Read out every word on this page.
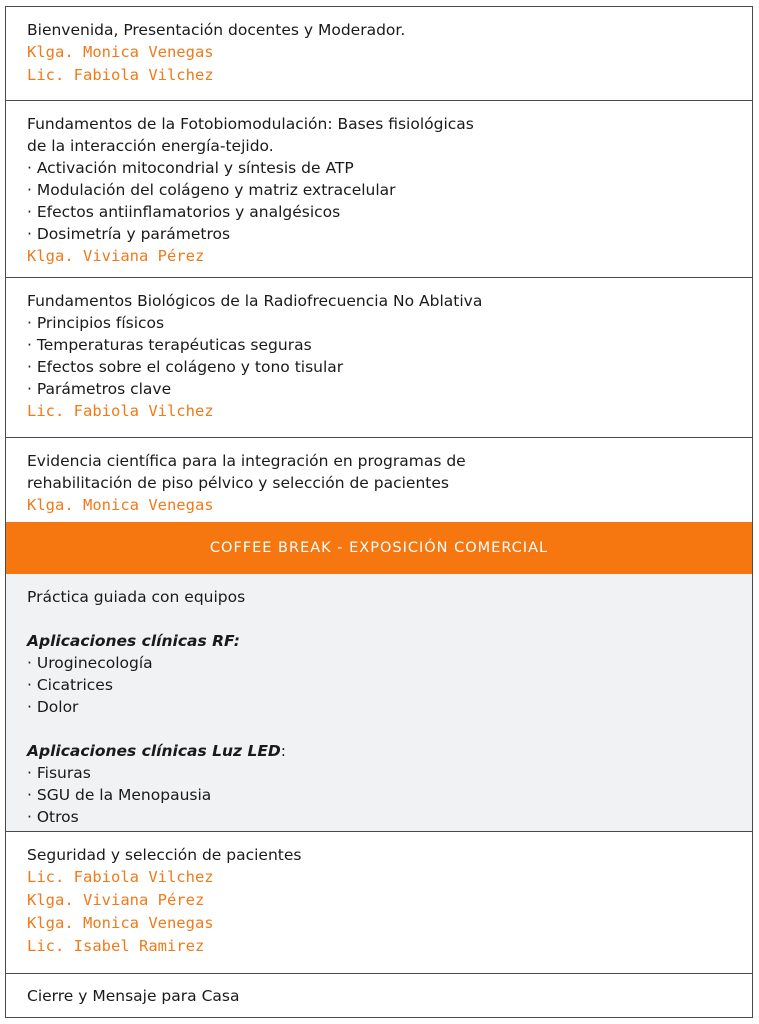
Bienvenida, Presentación docentes y Moderador.
Klga. Monica Venegas
Lic. Fabiola Vilchez
Fundamentos de la Fotobiomodulación: Bases fisiológicas
de la interacción energía-tejido.
· Activación mitocondrial y síntesis de ATP
· Modulación del colágeno y matriz extracelular
· Efectos antiinflamatorios y analgésicos
· Dosimetría y parámetros
Klga. Viviana Pérez
Fundamentos Biológicos de la Radiofrecuencia No Ablativa
· Principios físicos
· Temperaturas terapéuticas seguras
· Efectos sobre el colágeno y tono tisular
· Parámetros clave
Lic. Fabiola Vilchez
Evidencia científica para la integración en programas de
rehabilitación de piso pélvico y selección de pacientes
Klga. Monica Venegas
COFFEE BREAK - EXPOSICIÓN COMERCIAL
Práctica guiada con equipos
Aplicaciones clínicas RF:
· Uroginecología
· Cicatrices
· Dolor
Aplicaciones clínicas Luz LED:
· Fisuras
· SGU de la Menopausia
· Otros
Seguridad y selección de pacientes
Lic. Fabiola Vilchez
Klga. Viviana Pérez
Klga. Monica Venegas
Lic. Isabel Ramirez
Cierre y Mensaje para Casa
